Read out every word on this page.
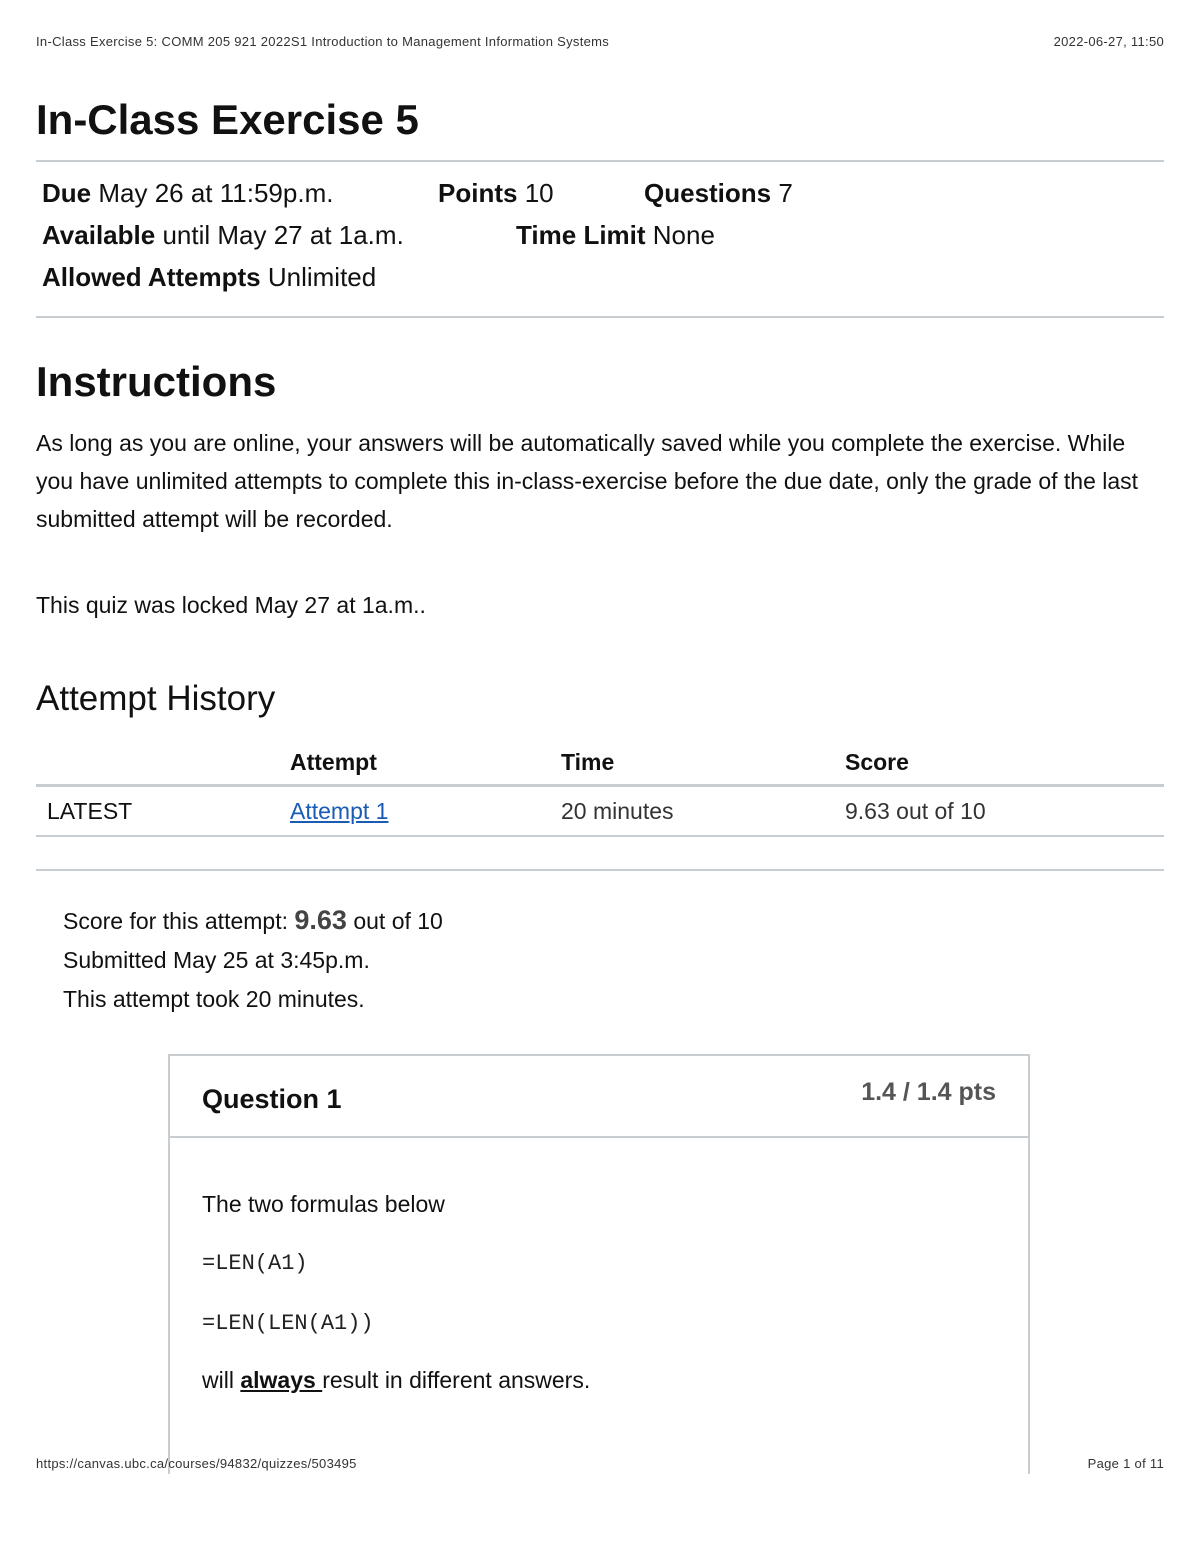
In-Class Exercise 5: COMM 205 921 2022S1 Introduction to Management Information Systems	2022-06-27, 11:50
In-Class Exercise 5
Due May 26 at 11:59p.m.	Points 10	Questions 7
Available until May 27 at 1a.m.	Time Limit None
Allowed Attempts Unlimited
Instructions
As long as you are online, your answers will be automatically saved while you complete the exercise. While you have unlimited attempts to complete this in-class-exercise before the due date, only the grade of the last submitted attempt will be recorded.
This quiz was locked May 27 at 1a.m..
Attempt History
	Attempt	Time	Score
LATEST	Attempt 1	20 minutes	9.63 out of 10
Score for this attempt: 9.63 out of 10
Submitted May 25 at 3:45p.m.
This attempt took 20 minutes.
Question 1	1.4 / 1.4 pts
The two formulas below
=LEN(A1)
=LEN(LEN(A1))
will always result in different answers.
https://canvas.ubc.ca/courses/94832/quizzes/503495	Page 1 of 11
